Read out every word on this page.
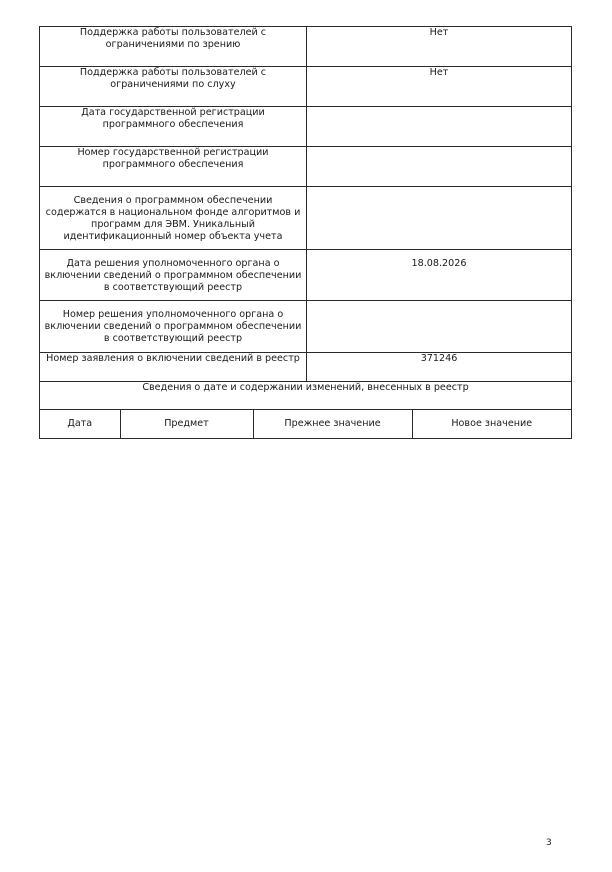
Поддержка работы пользователей с ограничениями по зрению	Нет
Поддержка работы пользователей с ограничениями по слуху	Нет
Дата государственной регистрации программного обеспечения	
Номер государственной регистрации программного обеспечения	
Сведения о программном обеспечении содержатся в национальном фонде алгоритмов и программ для ЭВМ. Уникальный идентификационный номер объекта учета	
Дата решения уполномоченного органа о включении сведений о программном обеспечении в соответствующий реестр	18.08.2026
Номер решения уполномоченного органа о включении сведений о программном обеспечении в соответствующий реестр	
Номер заявления о включении сведений в реестр	371246
Сведения о дате и содержании изменений, внесенных в реестр

Дата	Предмет	Прежнее значение	Новое значение
3
